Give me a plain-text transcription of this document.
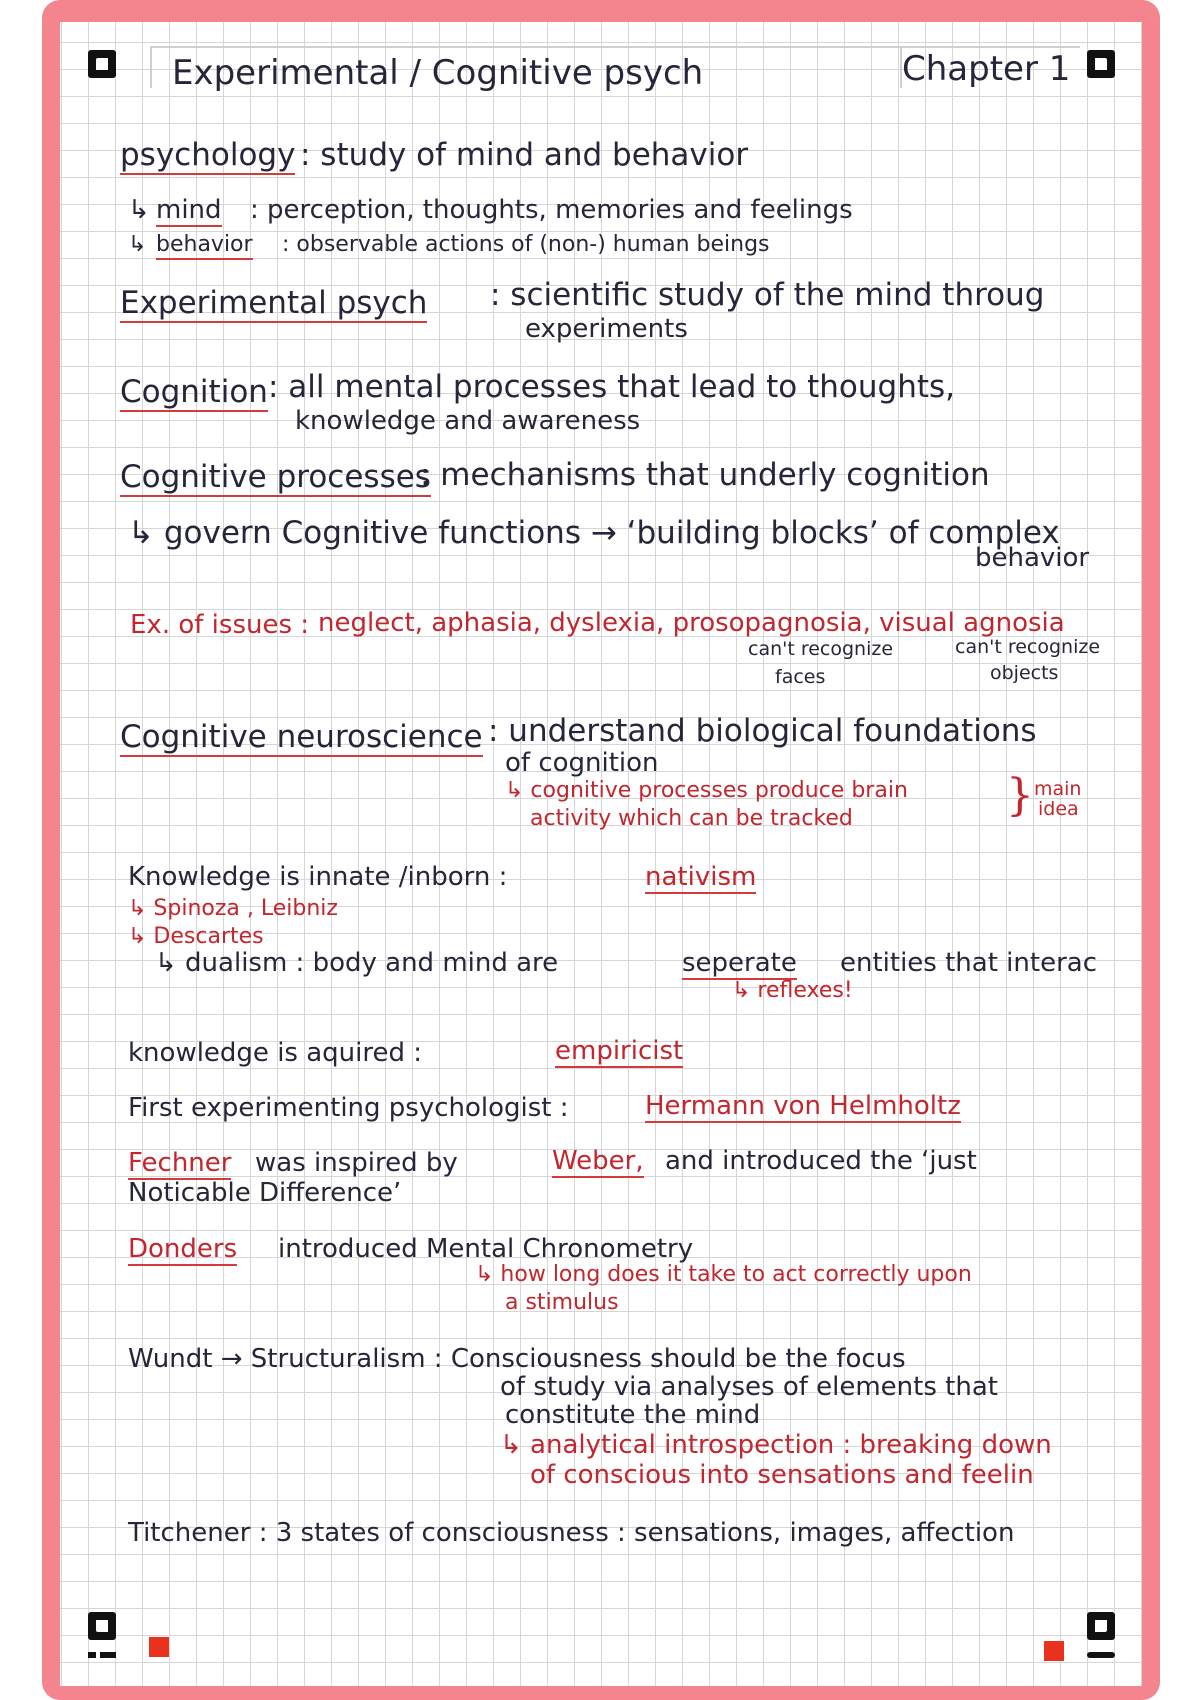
Experimental / Cognitive psych	Chapter 1
psychology : study of mind and behavior
↳ mind : perception, thoughts, memories and feelings
↳ behavior : observable actions of (non-) human beings
Experimental psych : scientific study of the mind throug
experiments
Cognition : all mental processes that lead to thoughts,
knowledge and awareness
Cognitive processes
: mechanisms that underly cognition
↳ govern Cognitive functions → ‘building blocks’ of complex
behavior
Ex. of issues : neglect, aphasia, dyslexia, prosopagnosia, visual agnosia
can't recognize
faces
can't recognize
objects
Cognitive neuroscience : understand biological foundations
of cognition
↳ cognitive processes produce brain
activity which can be tracked	} main
idea
Knowledge is innate /inborn :	nativism
↳ Spinoza , Leibniz
↳ Descartes
↳ dualism : body and mind are	seperate entities that interac
↳ reflexes!
knowledge is aquired :	empiricist
First experimenting psychologist :	Hermann von Helmholtz
Fechner was inspired by	Weber, and introduced the ‘just
Noticable Difference’
Donders introduced Mental Chronometry
↳ how long does it take to act correctly upon
a stimulus
Wundt → Structuralism : Consciousness should be the focus
of study via analyses of elements that
constitute the mind
↳ analytical introspection : breaking down
of conscious into sensations and feelin
Titchener : 3 states of consciousness : sensations, images, affection
